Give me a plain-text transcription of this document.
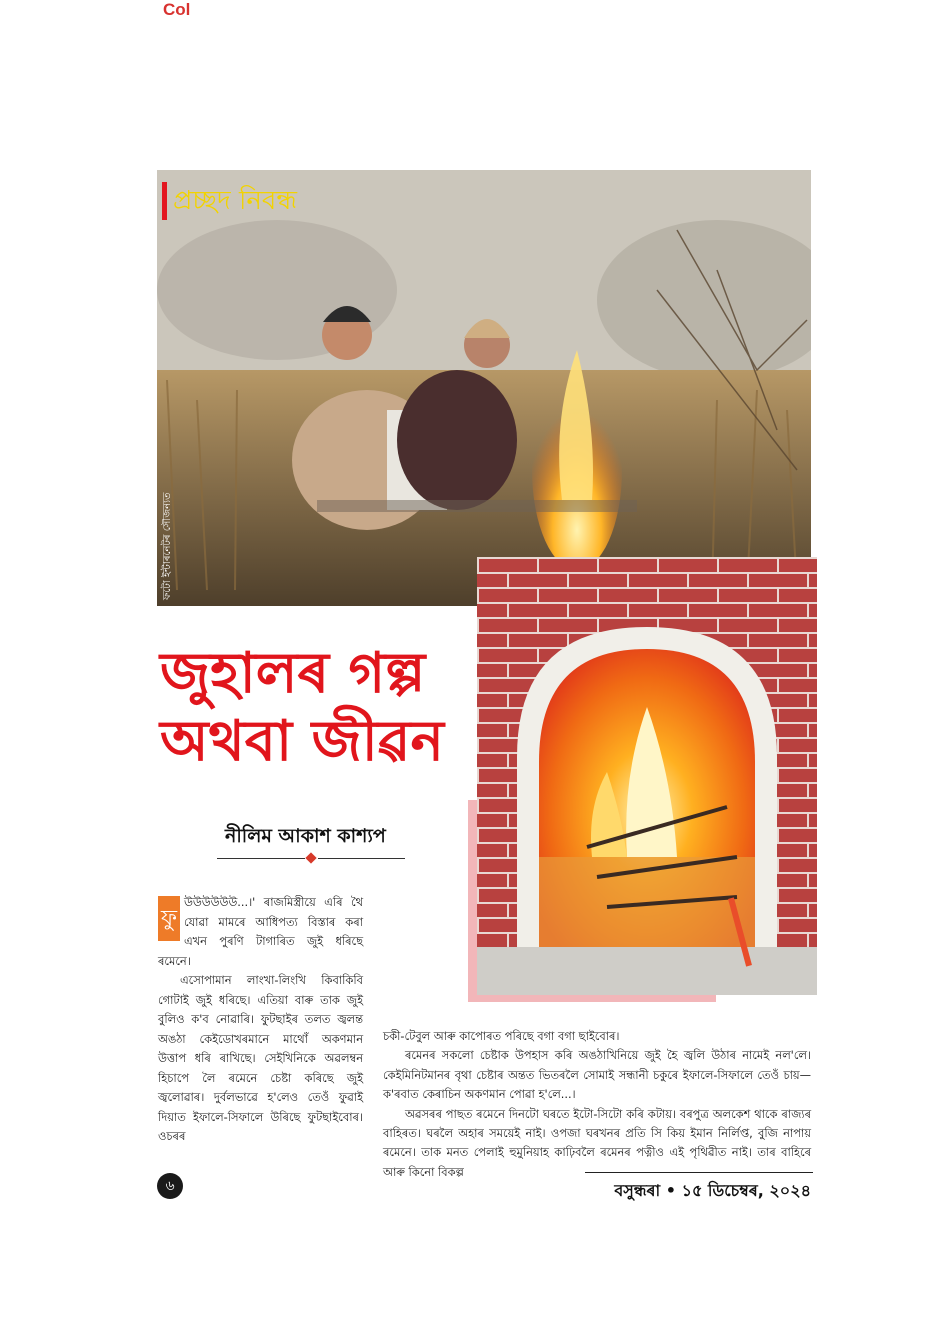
Col
প্ৰচ্ছদ নিবন্ধ
ফটো ইন্টাৰনেটৰ সৌজন্যত
জুহালৰ গল্প
অথবা জীৱন
নীলিম আকাশ কাশ্যপ
ফু

উউউউউউ...।' ৰাজমিস্ত্রীয়ে এৰি থৈ যোৱা মামৰে আধিপত্য বিস্তাৰ কৰা এখন পুৰণি টাগাৰিত জুই ধৰিছে ৰমেনে।

এসোপামান লাংখা-লিংখি কিবাকিবি গোটাই জুই ধৰিছে। এতিয়া বাৰু তাক জুই বুলিও ক'ব নোৱাৰি। ফুটছাইৰ তলত জ্বলন্ত অঙঠা কেইডোখৰমানে মাথোঁ অকণমান উত্তাপ ধৰি ৰাখিছে। সেইখিনিকে অৱলম্বন হিচাপে লৈ ৰমেনে চেষ্টা কৰিছে জুই জ্বলোৱাৰ। দুৰ্বলভাৱে হ'লেও তেওঁ ফুৱাই দিয়াত ইফালে-সিফালে উৰিছে ফুটছাইবোৰ। ওচৰৰ

চকী-টেবুল আৰু কাপোৰত পৰিছে বগা বগা ছাইবোৰ।

ৰমেনৰ সকলো চেষ্টাক উপহাস কৰি অঙঠাখিনিয়ে জুই হৈ জ্বলি উঠাৰ নামেই নল'লে। কেইমিনিটমানৰ বৃথা চেষ্টাৰ অন্তত ভিতৰলৈ সোমাই সন্ধানী চকুৰে ইফালে-সিফালে তেওঁ চায়—ক'ৰবাত কেৰাচিন অকণমান পোৱা হ'লে...।

অৱসৰৰ পাছত ৰমেনে দিনটো ঘৰতে ইটো-সিটো কৰি কটায়। বৰপুত্ৰ অলকেশ থাকে ৰাজ্যৰ বাহিৰত। ঘৰলৈ অহাৰ সময়েই নাই। ওপজা ঘৰখনৰ প্ৰতি সি কিয় ইমান নিৰ্লিপ্ত, বুজি নাপায় ৰমেনে। তাক মনত পেলাই হুমুনিয়াহ কাঢ়িবলৈ ৰমেনৰ পত্নীও এই পৃথিৱীত নাই। তাৰ বাহিৰে আৰু কিনো বিকল্প

৬	বসুন্ধৰা • ১৫ ডিচেম্বৰ, ২০২৪
